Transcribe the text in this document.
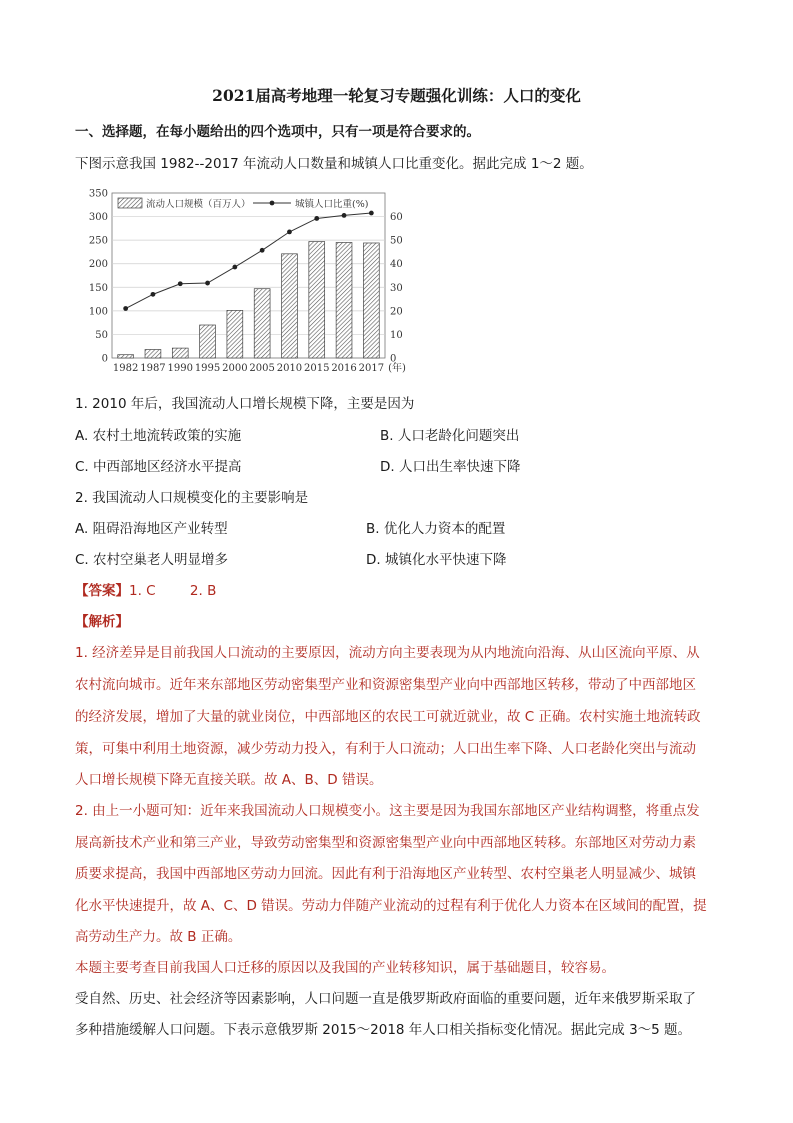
2021届高考地理一轮复习专题强化训练：人口的变化
一、选择题，在每小题给出的四个选项中，只有一项是符合要求的。
下图示意我国 1982--2017 年流动人口数量和城镇人口比重变化。据此完成 1～2 题。
0
50
100
150
200
250
300
350
0
10
20
30
40
50
60
1982 1987 1990 1995 2000 2005 2010 2015 2016 2017 (年)
流动人口规模（百万人）	城镇人口比重(%)
1. 2010 年后，我国流动人口增长规模下降，主要是因为
A. 农村土地流转政策的实施	B. 人口老龄化问题突出
C. 中西部地区经济水平提高	D. 人口出生率快速下降
2. 我国流动人口规模变化的主要影响是
A. 阻碍沿海地区产业转型	B. 优化人力资本的配置
C. 农村空巢老人明显增多	D. 城镇化水平快速下降
【答案】1. C        2. B
【解析】
1. 经济差异是目前我国人口流动的主要原因，流动方向主要表现为从内地流向沿海、从山区流向平原、从
农村流向城市。近年来东部地区劳动密集型产业和资源密集型产业向中西部地区转移，带动了中西部地区
的经济发展，增加了大量的就业岗位，中西部地区的农民工可就近就业，故 C 正确。农村实施土地流转政
策，可集中利用土地资源，减少劳动力投入，有利于人口流动；人口出生率下降、人口老龄化突出与流动
人口增长规模下降无直接关联。故 A、B、D 错误。
2. 由上一小题可知：近年来我国流动人口规模变小。这主要是因为我国东部地区产业结构调整，将重点发
展高新技术产业和第三产业，导致劳动密集型和资源密集型产业向中西部地区转移。东部地区对劳动力素
质要求提高，我国中西部地区劳动力回流。因此有利于沿海地区产业转型、农村空巢老人明显减少、城镇
化水平快速提升，故 A、C、D 错误。劳动力伴随产业流动的过程有利于优化人力资本在区域间的配置，提
高劳动生产力。故 B 正确。
本题主要考查目前我国人口迁移的原因以及我国的产业转移知识，属于基础题目，较容易。
受自然、历史、社会经济等因素影响，人口问题一直是俄罗斯政府面临的重要问题，近年来俄罗斯采取了
多种措施缓解人口问题。下表示意俄罗斯 2015～2018 年人口相关指标变化情况。据此完成 3～5 题。
